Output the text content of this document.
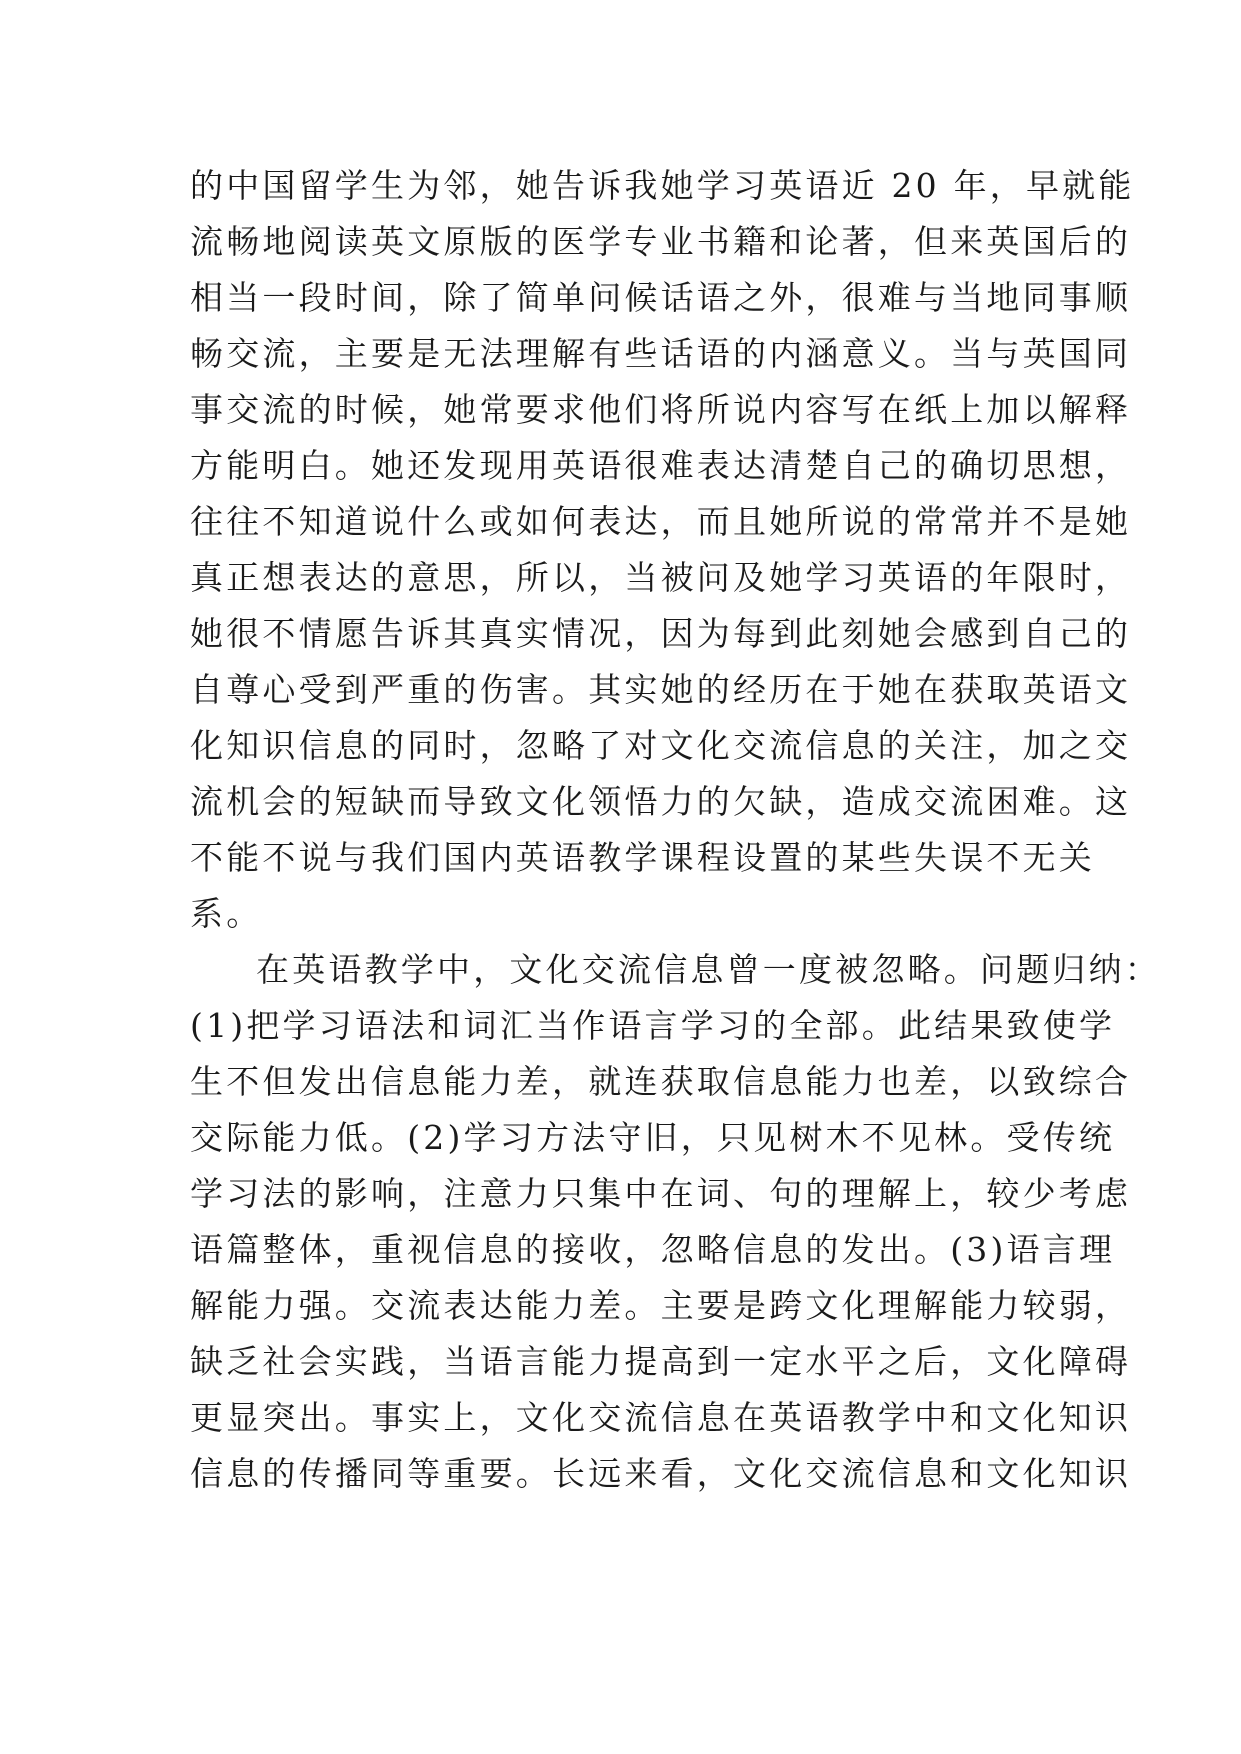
的中国留学生为邻，她告诉我她学习英语近 20 年，早就能
流畅地阅读英文原版的医学专业书籍和论著，但来英国后的
相当一段时间，除了简单问候话语之外，很难与当地同事顺
畅交流，主要是无法理解有些话语的内涵意义。当与英国同
事交流的时候，她常要求他们将所说内容写在纸上加以解释
方能明白。她还发现用英语很难表达清楚自己的确切思想，
往往不知道说什么或如何表达，而且她所说的常常并不是她
真正想表达的意思，所以，当被问及她学习英语的年限时，
她很不情愿告诉其真实情况，因为每到此刻她会感到自己的
自尊心受到严重的伤害。其实她的经历在于她在获取英语文
化知识信息的同时，忽略了对文化交流信息的关注，加之交
流机会的短缺而导致文化领悟力的欠缺，造成交流困难。这
不能不说与我们国内英语教学课程设置的某些失误不无关
系。
在英语教学中，文化交流信息曾一度被忽略。问题归纳：
(1)把学习语法和词汇当作语言学习的全部。此结果致使学
生不但发出信息能力差，就连获取信息能力也差，以致综合
交际能力低。(2)学习方法守旧，只见树木不见林。受传统
学习法的影响，注意力只集中在词、句的理解上，较少考虑
语篇整体，重视信息的接收，忽略信息的发出。(3)语言理
解能力强。交流表达能力差。主要是跨文化理解能力较弱，
缺乏社会实践，当语言能力提高到一定水平之后，文化障碍
更显突出。事实上，文化交流信息在英语教学中和文化知识
信息的传播同等重要。长远来看，文化交流信息和文化知识
